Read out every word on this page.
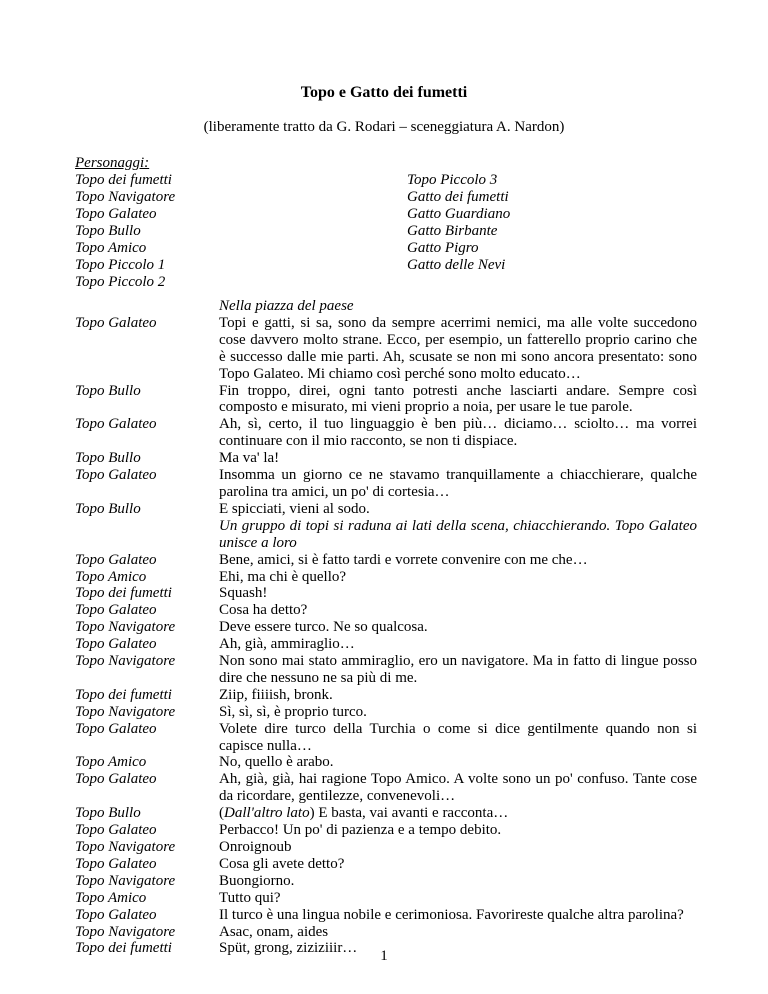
Topo e Gatto dei fumetti
(liberamente tratto da G. Rodari – sceneggiatura A. Nardon)
Personaggi:
Topo dei fumetti
Topo Navigatore
Topo Galateo
Topo Bullo
Topo Amico
Topo Piccolo 1
Topo Piccolo 2
Topo Piccolo 3
Gatto dei fumetti
Gatto Guardiano
Gatto Birbante
Gatto Pigro
Gatto delle Nevi
Nella piazza del paese
Topo Galateo	Topi e gatti, si sa, sono da sempre acerrimi nemici, ma alle volte succedono cose davvero molto strane. Ecco, per esempio, un fatterello proprio carino che è successo dalle mie parti. Ah, scusate se non mi sono ancora presentato: sono Topo Galateo. Mi chiamo così perché sono molto educato…
Topo Bullo	Fin troppo, direi, ogni tanto potresti anche lasciarti andare. Sempre così composto e misurato, mi vieni proprio a noia, per usare le tue parole.
Topo Galateo	Ah, sì, certo, il tuo linguaggio è ben più… diciamo… sciolto… ma vorrei continuare con il mio racconto, se non ti dispiace.
Topo Bullo	Ma va' la!
Topo Galateo	Insomma un giorno ce ne stavamo tranquillamente a chiacchierare, qualche parolina tra amici, un po' di cortesia…
Topo Bullo	E spicciati, vieni al sodo.
Un gruppo di topi si raduna ai lati della scena, chiacchierando. Topo Galateo unisce a loro
Topo Galateo	Bene, amici, si è fatto tardi e vorrete convenire con me che…
Topo Amico	Ehi, ma chi è quello?
Topo dei fumetti	Squash!
Topo Galateo	Cosa ha detto?
Topo Navigatore	Deve essere turco. Ne so qualcosa.
Topo Galateo	Ah, già, ammiraglio…
Topo Navigatore	Non sono mai stato ammiraglio, ero un navigatore. Ma in fatto di lingue posso dire che nessuno ne sa più di me.
Topo dei fumetti	Ziip, fiiiish, bronk.
Topo Navigatore	Sì, sì, sì, è proprio turco.
Topo Galateo	Volete dire turco della Turchia o come si dice gentilmente quando non si capisce nulla…
Topo Amico	No, quello è arabo.
Topo Galateo	Ah, già, già, hai ragione Topo Amico. A volte sono un po' confuso. Tante cose da ricordare, gentilezze, convenevoli…
Topo Bullo	(Dall'altro lato) E basta, vai avanti e racconta…
Topo Galateo	Perbacco! Un po' di pazienza e a tempo debito.
Topo Navigatore	Onroignoub
Topo Galateo	Cosa gli avete detto?
Topo Navigatore	Buongiorno.
Topo Amico	Tutto qui?
Topo Galateo	Il turco è una lingua nobile e cerimoniosa. Favorireste qualche altra parolina?
Topo Navigatore	Asac, onam, aides
Topo dei fumetti	Spüt, grong, ziziziiir…	1
